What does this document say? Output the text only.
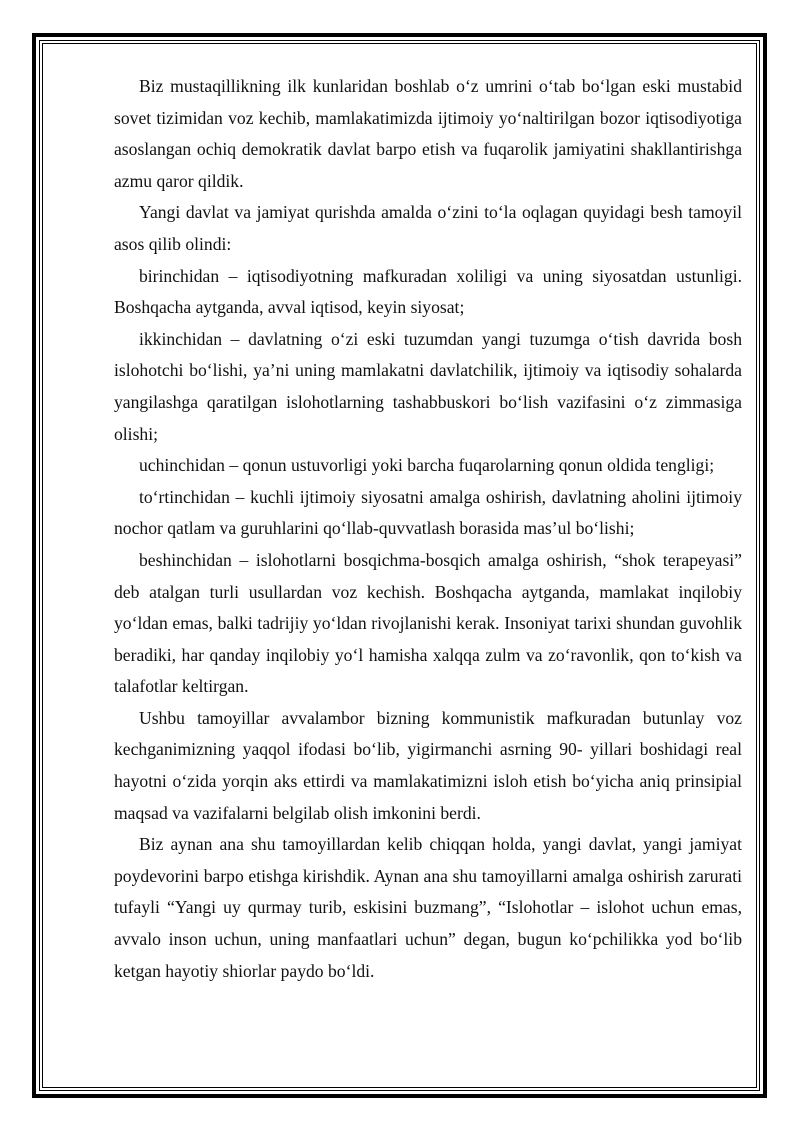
Biz mustaqillikning ilk kunlaridan boshlab o‘z umrini o‘tab bo‘lgan eski mustabid sovet tizimidan voz kechib, mamlakatimizda ijtimoiy yo‘naltirilgan bozor iqtisodiyotiga asoslangan ochiq demokratik davlat barpo etish va fuqarolik jamiyatini shakllantirishga azmu qaror qildik.

Yangi davlat va jamiyat qurishda amalda o‘zini to‘la oqlagan quyidagi besh tamoyil asos qilib olindi:

birinchidan – iqtisodiyotning mafkuradan xoliligi va uning siyosatdan ustunligi. Boshqacha aytganda, avval iqtisod, keyin siyosat;

ikkinchidan – davlatning o‘zi eski tuzumdan yangi tuzumga o‘tish davrida bosh islohotchi bo‘lishi, ya’ni uning mamlakatni davlatchilik, ijtimoiy va iqtisodiy sohalarda yangilashga qaratilgan islohotlarning tashabbuskori bo‘lish vazifasini o‘z zimmasiga olishi;

uchinchidan – qonun ustuvorligi yoki barcha fuqarolarning qonun oldida tengligi;

to‘rtinchidan – kuchli ijtimoiy siyosatni amalga oshirish, davlatning aholini ijtimoiy nochor qatlam va guruhlarini qo‘llab-quvvatlash borasida mas’ul bo‘lishi;

beshinchidan – islohotlarni bosqichma-bosqich amalga oshirish, “shok terapeyasi” deb atalgan turli usullardan voz kechish. Boshqacha aytganda, mamlakat inqilobiy yo‘ldan emas, balki tadrijiy yo‘ldan rivojlanishi kerak. Insoniyat tarixi shundan guvohlik beradiki, har qanday inqilobiy yo‘l hamisha xalqqa zulm va zo‘ravonlik, qon to‘kish va talafotlar keltirgan.

Ushbu tamoyillar avvalambor bizning kommunistik mafkuradan butunlay voz kechganimizning yaqqol ifodasi bo‘lib, yigirmanchi asrning 90- yillari boshidagi real hayotni o‘zida yorqin aks ettirdi va mamlakatimizni isloh etish bo‘yicha aniq prinsipial maqsad va vazifalarni belgilab olish imkonini berdi.

Biz aynan ana shu tamoyillardan kelib chiqqan holda, yangi davlat, yangi jamiyat poydevorini barpo etishga kirishdik. Aynan ana shu tamoyillarni amalga oshirish zarurati tufayli “Yangi uy qurmay turib, eskisini buzmang”, “Islohotlar – islohot uchun emas, avvalo inson uchun, uning manfaatlari uchun” degan, bugun ko‘pchilikka yod bo‘lib ketgan hayotiy shiorlar paydo bo‘ldi.
